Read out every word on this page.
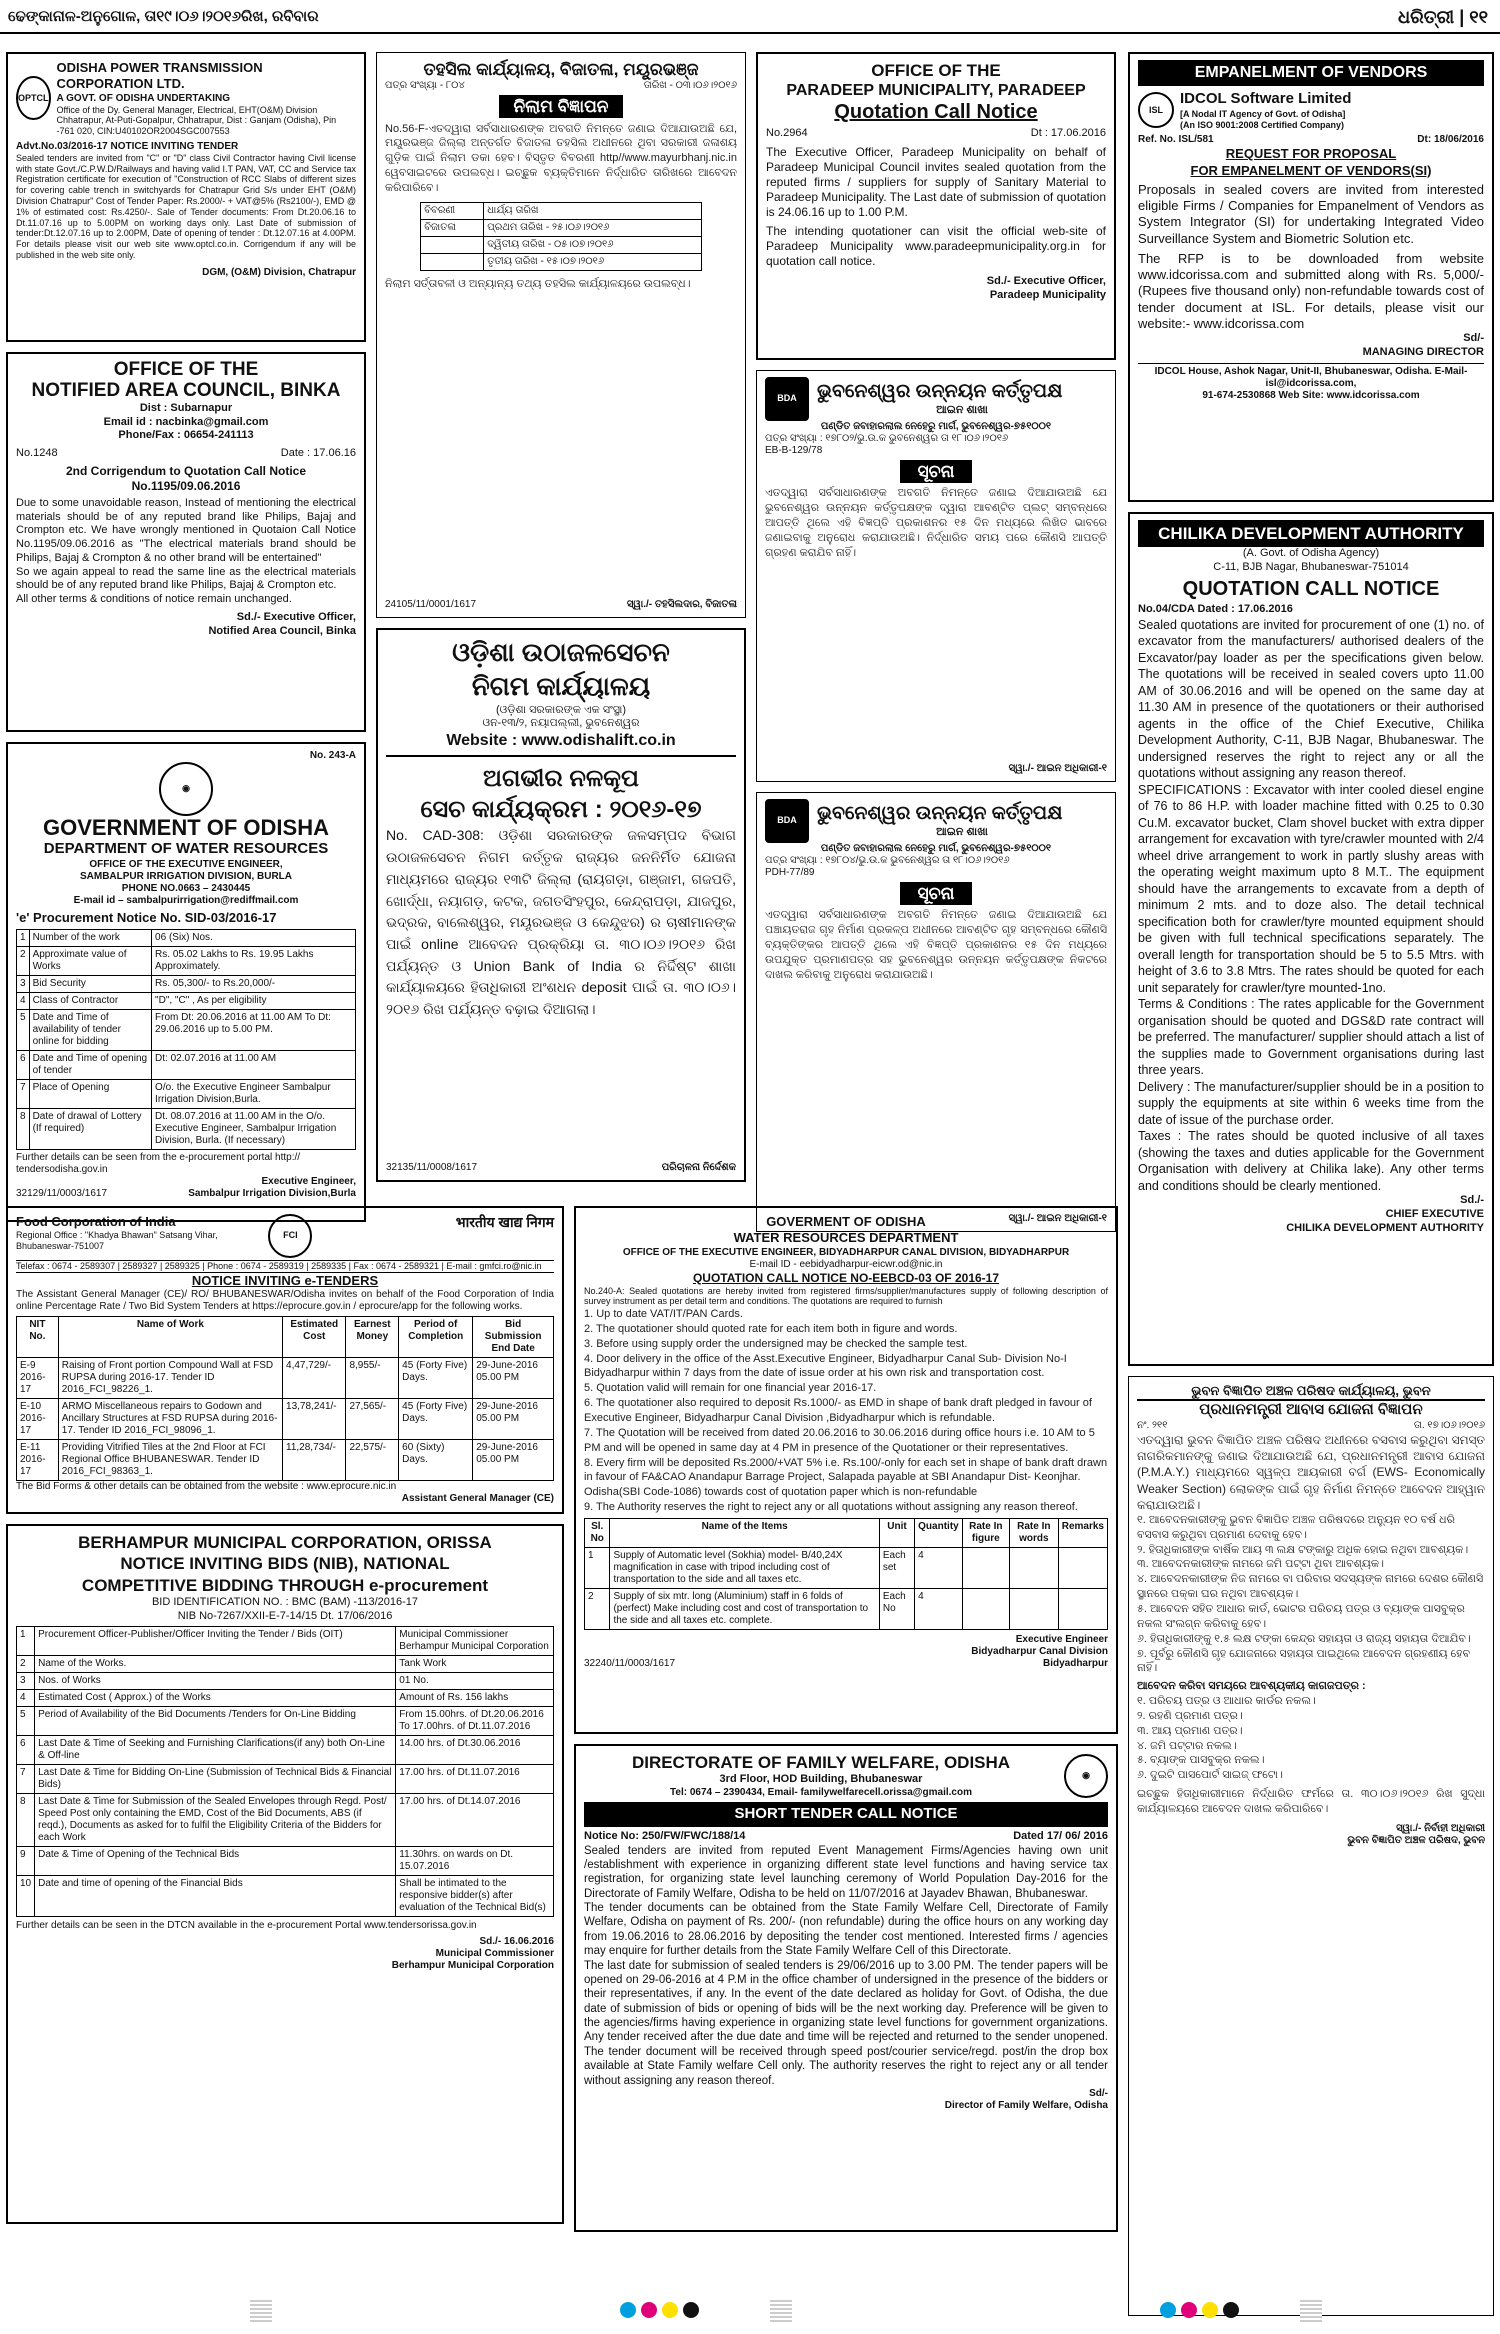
ଢେଙ୍କାନାଳ-ଅନୁଗୋଳ, ତା୧୯।୦୬।୨୦୧୬ରିଖ, ରବିବାର	ଧରିତ୍ରୀ | ୧୧
OPTCL
ODISHA POWER TRANSMISSION CORPORATION LTD.
A GOVT. OF ODISHA UNDERTAKING
Office of the Dy. General Manager, Electrical, EHT(O&M) Division Chhatrapur, At-Puti-Gopalpur, Chhatrapur, Dist : Ganjam (Odisha), Pin -761 020, CIN:U40102OR2004SGC007553
Advt.No.03/2016-17 NOTICE INVITING TENDER
Sealed tenders are invited from "C" or "D" class Civil Contractor having Civil license with state Govt./C.P.W.D/Railways and having valid I.T PAN, VAT, CC and Service tax Registration certificate for execution of "Construction of RCC Slabs of different sizes for covering cable trench in switchyards for Chatrapur Grid S/s under EHT (O&M) Division Chatrapur" Cost of Tender Paper: Rs.2000/- + VAT@5% (Rs2100/-), EMD @ 1% of estimated cost: Rs.4250/-. Sale of Tender documents: From Dt.20.06.16 to Dt.11.07.16 up to 5.00PM on working days only. Last Date of submission of tender:Dt.12.07.16 up to 2.00PM, Date of opening of tender : Dt.12.07.16 at 4.00PM. For details please visit our web site www.optcl.co.in. Corrigendum if any will be published in the web site only.
DGM, (O&M) Division, Chatrapur
OFFICE OF THE
NOTIFIED AREA COUNCIL, BINKA
Dist : Subarnapur
Email id : nacbinka@gmail.com
Phone/Fax : 06654-241113
No.1248	Date : 17.06.16
2nd Corrigendum to Quotation Call Notice No.1195/09.06.2016
Due to some unavoidable reason, Instead of mentioning the electrical materials should be of any reputed brand like Philips, Bajaj and Crompton etc. We have wrongly mentioned in Quotaion Call Notice No.1195/09.06.2016 as "The electrical materials brand should be Philips, Bajaj & Crompton & no other brand will be entertained"
So we again appeal to read the same line as the electrical materials should be of any reputed brand like Philips, Bajaj & Crompton etc.
All other terms & conditions of notice remain unchanged.
Sd./- Executive Officer,
Notified Area Council, Binka
No. 243-A
◉
GOVERNMENT OF ODISHA
DEPARTMENT OF WATER RESOURCES
OFFICE OF THE EXECUTIVE ENGINEER,
SAMBALPUR IRRIGATION DIVISION, BURLA
PHONE NO.0663 – 2430445
E-mail id – sambalpurirrigation@rediffmail.com
'e' Procurement Notice No. SID-03/2016-17
1	Number of the work	06 (Six) Nos.
2	Approximate value of Works	Rs. 05.02 Lakhs to Rs. 19.95 Lakhs Approximately.
3	Bid Security	Rs. 05,300/- to Rs.20,000/-
4	Class of Contractor	"D", "C" , As per eligibility
5	Date and Time of availability of tender online for bidding	From Dt: 20.06.2016 at 11.00 AM To Dt: 29.06.2016 up to 5.00 PM.
6	Date and Time of opening of tender	Dt: 02.07.2016 at 11.00 AM
7	Place of Opening	O/o. the Executive Engineer Sambalpur Irrigation Division,Burla.
8	Date of drawal of Lottery (If required)	Dt. 08.07.2016 at 11.00 AM in the O/o. Executive Engineer, Sambalpur Irrigation Division, Burla. (If necessary)
Further details can be seen from the e-procurement portal http:// tendersodisha.gov.in
Executive Engineer,
32129/11/0003/1617	Sambalpur Irrigation Division,Burla
ତହସିଲ କାର୍ଯ୍ୟାଳୟ, ବିଜାତଳା, ମୟୂରଭଞ୍ଜ
ପତ୍ର ସଂଖ୍ୟା - ୮୦୪	ତାରିଖ - ୦୩।୦୬।୨୦୧୬
ନିଲାମ ବିଜ୍ଞାପନ
No.56-F-ଏତଦ୍ୱାରା ସର୍ବସାଧାରଣଙ୍କ ଅବଗତି ନିମନ୍ତେ ଜଣାଇ ଦିଆଯାଉଅଛି ଯେ, ମୟୂରଭଞ୍ଜ ଜିଲ୍ଲା ଅନ୍ତର୍ଗତ ବିଜାତଳା ତହସିଲ ଅଧୀନରେ ଥିବା ସରକାରୀ ଜଳାଶୟ ଗୁଡ଼ିକ ପାଇଁ ନିଲାମ ଡକା ହେବ। ବିସ୍ତୃତ ବିବରଣୀ http//www.mayurbhanj.nic.in ୱେବସାଇଟରେ ଉପଲବ୍ଧ। ଇଚ୍ଛୁକ ବ୍ୟକ୍ତିମାନେ ନିର୍ଦ୍ଧାରିତ ତାରିଖରେ ଆବେଦନ କରିପାରିବେ।
ବିବରଣୀ	ଧାର୍ଯ୍ୟ ତାରିଖ
ବିଜାତଳା	ପ୍ରଥମ ତାରିଖ - ୨୫।୦୬।୨୦୧୬
	ଦ୍ୱିତୀୟ ତାରିଖ - ୦୫।୦୭।୨୦୧୬
	ତୃତୀୟ ତାରିଖ - ୧୫।୦୭।୨୦୧୬
ନିଲାମ ସର୍ତ୍ତାବଳୀ ଓ ଅନ୍ୟାନ୍ୟ ତଥ୍ୟ ତହସିଲ କାର୍ଯ୍ୟାଳୟରେ ଉପଲବ୍ଧ।
24105/11/0001/1617	ସ୍ୱା./- ତହସିଲଦାର, ବିଜାତଳା
ଓଡ଼ିଶା ଉଠାଜଳସେଚନ
ନିଗମ କାର୍ଯ୍ୟାଳୟ
(ଓଡ଼ିଶା ସରକାରଙ୍କ ଏକ ସଂସ୍ଥା)
ଓନ-୧୩/୨, ନୟାପଲ୍ଲୀ, ଭୁବନେଶ୍ୱର
Website : www.odishalift.co.in
ଅଗଭୀର ନଳକୂପ
ସେଚ କାର୍ଯ୍ୟକ୍ରମ : ୨୦୧୬-୧୭
No. CAD-308: ଓଡ଼ିଶା ସରକାରଙ୍କ ଜଳସମ୍ପଦ ବିଭାଗ ଉଠାଜଳସେଚନ ନିଗମ କର୍ତ୍ତୃକ ରାଜ୍ୟର ଜନନିର୍ମିତ ଯୋଜନା ମାଧ୍ୟମରେ ରାଜ୍ୟର ୧୩ଟି ଜିଲ୍ଲା (ରାୟଗଡ଼ା, ଗଞ୍ଜାମ, ଗଜପତି, ଖୋର୍ଦ୍ଧା, ନୟାଗଡ଼, କଟକ, ଜଗତସିଂହପୁର, କେନ୍ଦ୍ରାପଡ଼ା, ଯାଜପୁର, ଭଦ୍ରକ, ବାଲେଶ୍ୱର, ମୟୂରଭଞ୍ଜ ଓ କେନ୍ଦୁଝର) ର ଚାଷୀମାନଙ୍କ ପାଇଁ online ଆବେଦନ ପ୍ରକ୍ରିୟା ତା. ୩୦।୦୬।୨୦୧୬ ରିଖ ପର୍ଯ୍ୟନ୍ତ ଓ Union Bank of India ର ନିର୍ଦ୍ଦିଷ୍ଟ ଶାଖା କାର୍ଯ୍ୟାଳୟରେ ହିତାଧିକାରୀ ଅଂଶଧନ deposit ପାଇଁ ତା. ୩୦।୦୬।୨୦୧୬ ରିଖ ପର୍ଯ୍ୟନ୍ତ ବଢ଼ାଇ ଦିଆଗଲା।
32135/11/0008/1617	ପରିଚାଳନା ନିର୍ଦ୍ଦେଶକ
OFFICE OF THE
PARADEEP MUNICIPALITY, PARADEEP
Quotation Call Notice
No.2964	Dt : 17.06.2016
The Executive Officer, Paradeep Municipality on behalf of Paradeep Municipal Council invites sealed quotation from the reputed firms / suppliers for supply of Sanitary Material to Paradeep Municipality. The Last date of submission of quotation is 24.06.16 up to 1.00 P.M.
The intending quotationer can visit the official web-site of Paradeep Municipality www.paradeepmunicipality.org.in for quotation call notice.
Sd./- Executive Officer,
Paradeep Municipality
BDA	ଭୁବନେଶ୍ୱର ଉନ୍ନୟନ କର୍ତ୍ତୃପକ୍ଷ
ଆଇନ ଶାଖା
ପଣ୍ଡିତ ଜବାହାରଲାଲ ନେହେରୁ ମାର୍ଗ, ଭୁବନେଶ୍ୱର-୭୫୧୦୦୧
ପତ୍ର ସଂଖ୍ୟା : ୧୭୮୦୨/ଭୁ.ଉ.କ ଭୁବନେଶ୍ୱର ତା ୧୮।୦୬।୨୦୧୬
EB-B-129/78
ସୂଚନା
ଏତଦ୍ୱାରା ସର୍ବସାଧାରଣଙ୍କ ଅବଗତି ନିମନ୍ତେ ଜଣାଇ ଦିଆଯାଉଅଛି ଯେ ଭୁବନେଶ୍ୱର ଉନ୍ନୟନ କର୍ତ୍ତୃପକ୍ଷଙ୍କ ଦ୍ୱାରା ଆବଣ୍ଟିତ ପ୍ଲଟ୍ ସମ୍ବନ୍ଧରେ ଆପତ୍ତି ଥିଲେ ଏହି ବିଜ୍ଞପ୍ତି ପ୍ରକାଶନର ୧୫ ଦିନ ମଧ୍ୟରେ ଲିଖିତ ଭାବରେ ଜଣାଇବାକୁ ଅନୁରୋଧ କରାଯାଉଅଛି। ନିର୍ଦ୍ଧାରିତ ସମୟ ପରେ କୌଣସି ଆପତ୍ତି ଗ୍ରହଣ କରାଯିବ ନାହିଁ।
ସ୍ୱା./- ଆଇନ ଅଧିକାରୀ-୧
BDA	ଭୁବନେଶ୍ୱର ଉନ୍ନୟନ କର୍ତ୍ତୃପକ୍ଷ
ଆଇନ ଶାଖା
ପଣ୍ଡିତ ଜବାହାରଲାଲ ନେହେରୁ ମାର୍ଗ, ଭୁବନେଶ୍ୱର-୭୫୧୦୦୧
ପତ୍ର ସଂଖ୍ୟା : ୧୭୮୦୪/ଭୁ.ଉ.କ ଭୁବନେଶ୍ୱର ତା ୧୮।୦୬।୨୦୧୬
PDH-77/89
ସୂଚନା
ଏତଦ୍ୱାରା ସର୍ବସାଧାରଣଙ୍କ ଅବଗତି ନିମନ୍ତେ ଜଣାଇ ଦିଆଯାଉଅଛି ଯେ ପଞ୍ଚାୟତରାଜ ଗୃହ ନିର୍ମାଣ ପ୍ରକଳ୍ପ ଅଧୀନରେ ଆବଣ୍ଟିତ ଗୃହ ସମ୍ବନ୍ଧରେ କୌଣସି ବ୍ୟକ୍ତିଙ୍କର ଆପତ୍ତି ଥିଲେ ଏହି ବିଜ୍ଞପ୍ତି ପ୍ରକାଶନର ୧୫ ଦିନ ମଧ୍ୟରେ ଉପଯୁକ୍ତ ପ୍ରମାଣପତ୍ର ସହ ଭୁବନେଶ୍ୱର ଉନ୍ନୟନ କର୍ତ୍ତୃପକ୍ଷଙ୍କ ନିକଟରେ ଦାଖଲ କରିବାକୁ ଅନୁରୋଧ କରାଯାଉଅଛି।
ସ୍ୱା./- ଆଇନ ଅଧିକାରୀ-୧
EMPANELMENT OF VENDORS
ISL
IDCOL Software Limited
[A Nodal IT Agency of Govt. of Odisha]
(An ISO 9001:2008 Certified Company)
Ref. No. ISL/581	Dt: 18/06/2016
REQUEST FOR PROPOSAL
FOR EMPANELMENT OF VENDORS(SI)
Proposals in sealed covers are invited from interested eligible Firms / Companies for Empanelment of Vendors as System Integrator (SI) for undertaking Integrated Video Surveillance System and Biometric Solution etc.
The RFP is to be downloaded from website www.idcorissa.com and submitted along with Rs. 5,000/- (Rupees five thousand only) non-refundable towards cost of tender document at ISL. For details, please visit our website:- www.idcorissa.com
Sd/-
MANAGING DIRECTOR
IDCOL House, Ashok Nagar, Unit-II, Bhubaneswar, Odisha. E-Mail-isl@idcorissa.com,
91-674-2530868 Web Site: www.idcorissa.com
CHILIKA DEVELOPMENT AUTHORITY
(A. Govt. of Odisha Agency)
C-11, BJB Nagar, Bhubaneswar-751014
QUOTATION CALL NOTICE
No.04/CDA Dated : 17.06.2016
Sealed quotations are invited for procurement of one (1) no. of excavator from the manufacturers/ authorised dealers of the Excavator/pay loader as per the specifications given below. The quotations will be received in sealed covers upto 11.00 AM of 30.06.2016 and will be opened on the same day at 11.30 AM in presence of the quotationers or their authorised agents in the office of the Chief Executive, Chilika Development Authority, C-11, BJB Nagar, Bhubaneswar. The undersigned reserves the right to reject any or all the quotations without assigning any reason thereof.
SPECIFICATIONS : Excavator with inter cooled diesel engine of 76 to 86 H.P. with loader machine fitted with 0.25 to 0.30 Cu.M. excavator bucket, Clam shovel bucket with extra dipper arrangement for excavation with tyre/crawler mounted with 2/4 wheel drive arrangement to work in partly slushy areas with the operating weight maximum upto 8 M.T.. The equipment should have the arrangements to excavate from a depth of minimum 2 mts. and to doze also. The detail technical specification both for crawler/tyre mounted equipment should be given with full technical specifications separately. The overall length for transportation should be 5 to 5.5 Mtrs. with height of 3.6 to 3.8 Mtrs. The rates should be quoted for each unit separately for crawler/tyre mounted-1no.
Terms & Conditions : The rates applicable for the Government organisation should be quoted and DGS&D rate contract will be preferred. The manufacturer/ supplier should attach a list of the supplies made to Government organisations during last three years.
Delivery : The manufacturer/supplier should be in a position to supply the equipments at site within 6 weeks time from the date of issue of the purchase order.
Taxes : The rates should be quoted inclusive of all taxes (showing the taxes and duties applicable for the Government Organisation with delivery at Chilika lake). Any other terms and conditions should be clearly mentioned.
Sd./-
CHIEF EXECUTIVE
CHILIKA DEVELOPMENT AUTHORITY
ଭୁବନ ବିଜ୍ଞାପିତ ଅଞ୍ଚଳ ପରିଷଦ କାର୍ଯ୍ୟାଳୟ, ଭୁବନ
ପ୍ରଧାନମନ୍ତ୍ରୀ ଆବାସ ଯୋଜନା ବିଜ୍ଞାପନ
ନଂ. ୨୧୧	ତା. ୧୭।୦୬।୨୦୧୬
ଏତଦ୍ୱାରା ଭୁବନ ବିଜ୍ଞାପିତ ଅଞ୍ଚଳ ପରିଷଦ ଅଧୀନରେ ବସବାସ କରୁଥିବା ସମସ୍ତ ନାଗରିକମାନଙ୍କୁ ଜଣାଇ ଦିଆଯାଉଅଛି ଯେ, ପ୍ରଧାନମନ୍ତ୍ରୀ ଆବାସ ଯୋଜନା (P.M.A.Y.) ମାଧ୍ୟମରେ ସ୍ୱଳ୍ପ ଆୟକାରୀ ବର୍ଗ (EWS- Economically Weaker Section) ଲୋକଙ୍କ ପାଇଁ ଗୃହ ନିର୍ମାଣ ନିମନ୍ତେ ଆବେଦନ ଆହ୍ୱାନ କରାଯାଉଅଛି।
୧. ଆବେଦନକାରୀଙ୍କୁ ଭୁବନ ବିଜ୍ଞାପିତ ଅଞ୍ଚଳ ପରିଷଦରେ ଅନ୍ୟୁନ ୧୦ ବର୍ଷ ଧରି ବସବାସ କରୁଥିବା ପ୍ରମାଣ ଦେବାକୁ ହେବ।
୨. ହିତାଧିକାରୀଙ୍କ ବାର୍ଷିକ ଆୟ ୩ ଲକ୍ଷ ଟଙ୍କାରୁ ଅଧିକ ହୋଇ ନଥିବା ଆବଶ୍ୟକ।
୩. ଆବେଦନକାରୀଙ୍କ ନାମରେ ଜମି ପଟ୍ଟା ଥିବା ଆବଶ୍ୟକ।
୪. ଆବେଦନକାରୀଙ୍କ ନିଜ ନାମରେ ବା ପରିବାର ସଦସ୍ୟଙ୍କ ନାମରେ ଦେଶର କୌଣସି ସ୍ଥାନରେ ପକ୍କା ଘର ନଥିବା ଆବଶ୍ୟକ।
୫. ଆବେଦନ ସହିତ ଆଧାର କାର୍ଡ, ଭୋଟର ପରିଚୟ ପତ୍ର ଓ ବ୍ୟାଙ୍କ ପାସବୁକ୍‍ର ନକଲ ସଂଲଗ୍ନ କରିବାକୁ ହେବ।
୬. ହିତାଧିକାରୀଙ୍କୁ ୧.୫ ଲକ୍ଷ ଟଙ୍କା କେନ୍ଦ୍ର ସହାୟତା ଓ ରାଜ୍ୟ ସହାୟତା ଦିଆଯିବ।
୭. ପୂର୍ବରୁ କୌଣସି ଗୃହ ଯୋଜନାରେ ସହାୟତା ପାଇଥିଲେ ଆବେଦନ ଗ୍ରହଣୀୟ ହେବ ନାହିଁ।
ଆବେଦନ କରିବା ସମୟରେ ଆବଶ୍ୟକୀୟ କାଗଜପତ୍ର :
୧. ପରିଚୟ ପତ୍ର ଓ ଆଧାର କାର୍ଡର ନକଲ।
୨. ରହଣି ପ୍ରମାଣ ପତ୍ର।
୩. ଆୟ ପ୍ରମାଣ ପତ୍ର।
୪. ଜମି ପଟ୍ଟାର ନକଲ।
୫. ବ୍ୟାଙ୍କ ପାସବୁକ୍‍ର ନକଲ।
୬. ଦୁଇଟି ପାସପୋର୍ଟ ସାଇଜ୍ ଫଟୋ।
ଇଚ୍ଛୁକ ହିତାଧିକାରୀମାନେ ନିର୍ଦ୍ଧାରିତ ଫର୍ମରେ ତା. ୩୦।୦୬।୨୦୧୬ ରିଖ ସୁଦ୍ଧା କାର୍ଯ୍ୟାଳୟରେ ଆବେଦନ ଦାଖଲ କରିପାରିବେ।
ସ୍ୱା./- ନିର୍ବାହୀ ଅଧିକାରୀ
ଭୁବନ ବିଜ୍ଞାପିତ ଅଞ୍ଚଳ ପରିଷଦ, ଭୁବନ
Food Corporation of India
Regional Office : "Khadya Bhawan" Satsang Vihar, Bhubaneswar-751007
FCI
भारतीय खाद्य निगम
Telefax : 0674 - 2589307 | 2589327 | 2589325 | Phone : 0674 - 2589319 | 2589335 | Fax : 0674 - 2589321 | E-mail : gmfci.ro@nic.in
NOTICE INVITING e-TENDERS
The Assistant General Manager (CE)/ RO/ BHUBANESWAR/Odisha invites on behalf of the Food Corporation of India online Percentage Rate / Two Bid System Tenders at https://eprocure.gov.in / eprocure/app for the following works.
NIT No.	Name of Work	Estimated Cost	Earnest Money	Period of Completion	Bid Submission End Date
E-9 2016-17	Raising of Front portion Compound Wall at FSD RUPSA during 2016-17. Tender ID 2016_FCI_98226_1.	4,47,729/-	8,955/-	45 (Forty Five) Days.	29-June-2016 05.00 PM
E-10 2016-17	ARMO Miscellaneous repairs to Godown and Ancillary Structures at FSD RUPSA during 2016-17. Tender ID 2016_FCI_98096_1.	13,78,241/-	27,565/-	45 (Forty Five) Days.	29-June-2016 05.00 PM
E-11 2016-17	Providing Vitrified Tiles at the 2nd Floor at FCI Regional Office BHUBANESWAR. Tender ID 2016_FCI_98363_1.	11,28,734/-	22,575/-	60 (Sixty) Days.	29-June-2016 05.00 PM
The Bid Forms & other details can be obtained from the website : www.eprocure.nic.in
Assistant General Manager (CE)
BERHAMPUR MUNICIPAL CORPORATION, ORISSA
NOTICE INVITING BIDS (NIB), NATIONAL
COMPETITIVE BIDDING THROUGH e-procurement
BID IDENTIFICATION NO. : BMC (BAM) -113/2016-17
NIB No-7267/XXII-E-7-14/15 Dt. 17/06/2016
1	Procurement Officer-Publisher/Officer Inviting the Tender / Bids (OIT)	Municipal Commissioner Berhampur Municipal Corporation
2	Name of the Works.	Tank Work
3	Nos. of Works	01 No.
4	Estimated Cost ( Approx.) of the Works	Amount of Rs. 156 lakhs
5	Period of Availability of the Bid Documents /Tenders for On-Line Bidding	From 15.00hrs. of Dt.20.06.2016 To 17.00hrs. of Dt.11.07.2016
6	Last Date & Time of Seeking and Furnishing Clarifications(if any) both On-Line & Off-line	14.00 hrs. of Dt.30.06.2016
7	Last Date & Time for Bidding On-Line (Submission of Technical Bids & Financial Bids)	17.00 hrs. of Dt.11.07.2016
8	Last Date & Time for Submission of the Sealed Envelopes through Regd. Post/ Speed Post only containing the EMD, Cost of the Bid Documents, ABS (if reqd.), Documents as asked for to fulfil the Eligibility Criteria of the Bidders for each Work	17.00 hrs. of Dt.14.07.2016
9	Date & Time of Opening of the Technical Bids	11.30hrs. on wards on Dt. 15.07.2016
10	Date and time of opening of the Financial Bids	Shall be intimated to the responsive bidder(s) after evaluation of the Technical Bid(s)
Further details can be seen in the DTCN available in the e-procurement Portal www.tendersorissa.gov.in
Sd./- 16.06.2016
Municipal Commissioner
Berhampur Municipal Corporation
GOVERMENT OF ODISHA
WATER RESOURCES DEPARTMENT
OFFICE OF THE EXECUTIVE ENGINEER, BIDYADHARPUR CANAL DIVISION, BIDYADHARPUR
E-mail ID - eebidyadharpur-eicwr.od@nic.in
QUOTATION CALL NOTICE NO-EEBCD-03 OF 2016-17
No.240-A: Sealed quotations are hereby invited from registered firms/supplier/manufactures supply of following description of survey instrument as per detail term and conditions. The quotations are required to furnish
1. Up to date VAT/IT/PAN Cards.
2. The quotationer should quoted rate for each item both in figure and words.
3. Before using supply order the undersigned may be checked the sample test.
4. Door delivery in the office of the Asst.Executive Engineer, Bidyadharpur Canal Sub- Division No-I Bidyadharpur within 7 days from the date of issue order at his own risk and transportation cost.
5. Quotation valid will remain for one financial year 2016-17.
6. The quotationer also required to deposit Rs.1000/- as EMD in shape of bank draft pledged in favour of Executive Engineer, Bidyadharpur Canal Division ,Bidyadharpur which is refundable.
7. The Quotation will be received from dated 20.06.2016 to 30.06.2016 during office hours i.e. 10 AM to 5 PM and will be opened in same day at 4 PM in presence of the Quotationer or their representatives.
8. Every firm will be deposited Rs.2000/+VAT 5% i.e. Rs.100/-only for each set in shape of bank draft drawn in favour of FA&CAO Anandapur Barrage Project, Salapada payable at SBI Anandapur Dist- Keonjhar. Odisha(SBI Code-1086) towards cost of quotation paper which is non-refundable
9. The Authority reserves the right to reject any or all quotations without assigning any reason thereof.
Sl. No	Name of the Items	Unit	Quantity	Rate In figure	Rate In words	Remarks
1	Supply of Automatic level (Sokhia) model- B/40,24X magnification in case with tripod including cost of transportation to the side and all taxes etc.	Each set	4			
2	Supply of six mtr. long (Aluminium) staff in 6 folds of (perfect) Make including cost and cost of transportation to the side and all taxes etc. complete.	Each No	4			
Executive Engineer
Bidyadharpur Canal Division
32240/11/0003/1617	Bidyadharpur
DIRECTORATE OF FAMILY WELFARE, ODISHA
3rd Floor, HOD Building, Bhubaneswar
Tel: 0674 – 2390434, Email- familywelfarecell.orissa@gmail.com
◉
SHORT TENDER CALL NOTICE
Notice No: 250/FW/FWC/188/14	Dated 17/ 06/ 2016
Sealed tenders are invited from reputed Event Management Firms/Agencies having own unit /establishment with experience in organizing different state level functions and having service tax registration, for organizing state level launching ceremony of World Population Day-2016 for the Directorate of Family Welfare, Odisha to be held on 11/07/2016 at Jayadev Bhawan, Bhubaneswar.
The tender documents can be obtained from the State Family Welfare Cell, Directorate of Family Welfare, Odisha on payment of Rs. 200/- (non refundable) during the office hours on any working day from 19.06.2016 to 28.06.2016 by depositing the tender cost mentioned. Interested firms / agencies may enquire for further details from the State Family Welfare Cell of this Directorate.
The last date for submission of sealed tenders is 29/06/2016 up to 3.00 PM. The tender papers will be opened on 29-06-2016 at 4 P.M in the office chamber of undersigned in the presence of the bidders or their representatives, if any. In the event of the date declared as holiday for Govt. of Odisha, the due date of submission of bids or opening of bids will be the next working day. Preference will be given to the agencies/firms having experience in organizing state level functions for government organizations. Any tender received after the due date and time will be rejected and returned to the sender unopened. The tender document will be received through speed post/courier service/regd. post/in the drop box available at State Family welfare Cell only. The authority reserves the right to reject any or all tender without assigning any reason thereof.
Sd/-
Director of Family Welfare, Odisha
